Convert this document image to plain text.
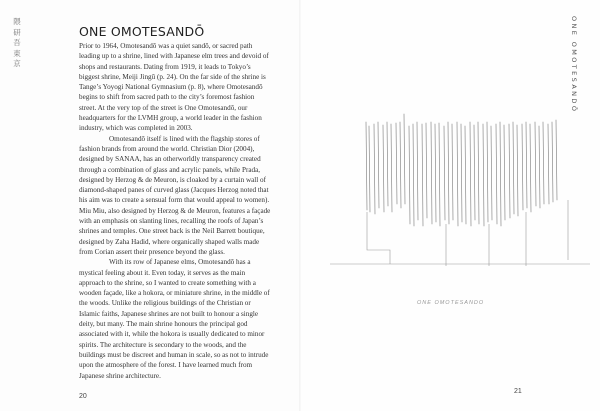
隈
研
吾
東
京
ONE OMOTESANDŌ

Prior to 1964, Omotesandō was a quiet sandō, or sacred path leading up to a shrine, lined with Japanese elm trees and devoid of shops and restaurants. Dating from 1919, it leads to Tokyo’s biggest shrine, Meiji Jingū (p. 24). On the far side of the shrine is Tange’s Yoyogi National Gymnasium (p. 8), where Omotesandō begins to shift from sacred path to the city’s foremost fashion street. At the very top of the street is One Omotesandō, our headquarters for the LVMH group, a world leader in the fashion industry, which was completed in 2003.

Omotesandō itself is lined with the flagship stores of fashion brands from around the world. Christian Dior (2004), designed by SANAA, has an otherworldly transparency created through a combination of glass and acrylic panels, while Prada, designed by Herzog & de Meuron, is cloaked by a curtain wall of diamond-shaped panes of curved glass (Jacques Herzog noted that his aim was to create a sensual form that would appeal to women). Miu Miu, also designed by Herzog & de Meuron, features a façade with an emphasis on slanting lines, recalling the roofs of Japan’s shrines and temples. One street back is the Neil Barrett boutique, designed by Zaha Hadid, where organically shaped walls made from Corian assert their presence beyond the glass.

With its row of Japanese elms, Omotesandō has a mystical feeling about it. Even today, it serves as the main approach to the shrine, so I wanted to create something with a wooden façade, like a hokora, or miniature shrine, in the middle of the woods. Unlike the religious buildings of the Christian or Islamic faiths, Japanese shrines are not built to honour a single deity, but many. The main shrine honours the principal god associated with it, while the hokora is usually dedicated to minor spirits. The architecture is secondary to the woods, and the buildings must be discreet and human in scale, so as not to intrude upon the atmosphere of the forest. I have learned much from Japanese shrine architecture.

20
ONE OMOTESANDŌ
ONE OMOTESANDO
21
